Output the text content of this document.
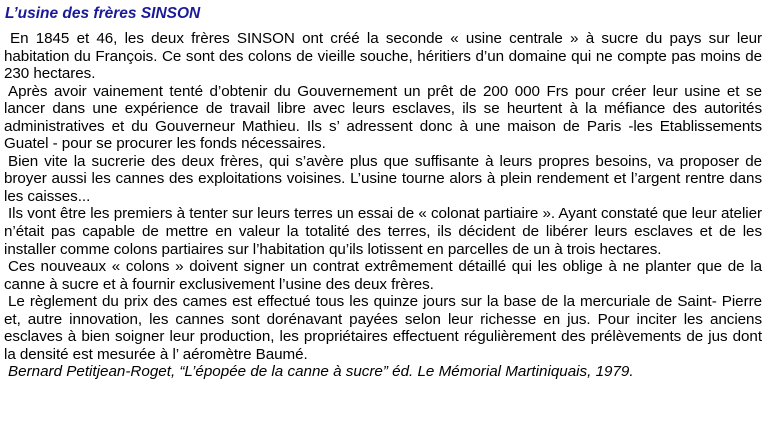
L’usine des frères SINSON

En 1845 et 46, les deux frères SINSON ont créé la seconde « usine centrale » à sucre du pays sur leur habitation du François. Ce sont des colons de vieille souche, héritiers d’un domaine qui ne compte pas moins de 230 hectares.

Après avoir vainement tenté d’obtenir du Gouvernement un prêt de 200 000 Frs pour créer leur usine et se lancer dans une expérience de travail libre avec leurs esclaves, ils se heurtent à la méfiance des autorités administratives et du Gouverneur Mathieu. Ils s’ adressent donc à une maison de Paris -les Etablissements Guatel - pour se procurer les fonds nécessaires.

Bien vite la sucrerie des deux frères, qui s’avère plus que suffisante à leurs propres besoins, va proposer de broyer aussi les cannes des exploitations voisines. L’usine tourne alors à plein rendement et l’argent rentre dans les caisses...

Ils vont être les premiers à tenter sur leurs terres un essai de « colonat partiaire ». Ayant constaté que leur atelier n’était pas capable de mettre en valeur la totalité des terres, ils décident de libérer leurs esclaves et de les installer comme colons partiaires sur l’habitation qu’ils lotissent en parcelles de un à trois hectares.

Ces nouveaux « colons » doivent signer un contrat extrêmement détaillé qui les oblige à ne planter que de la canne à sucre et à fournir exclusivement l’usine des deux frères.

Le règlement du prix des cames est effectué tous les quinze jours sur la base de la mercuriale de Saint- Pierre et, autre innovation, les cannes sont dorénavant payées selon leur richesse en jus. Pour inciter les anciens esclaves à bien soigner leur production, les propriétaires effectuent régulièrement des prélèvements de jus dont la densité est mesurée à l’ aéromètre Baumé.

Bernard Petitjean-Roget, “L’épopée de la canne à sucre” éd. Le Mémorial Martiniquais, 1979.
